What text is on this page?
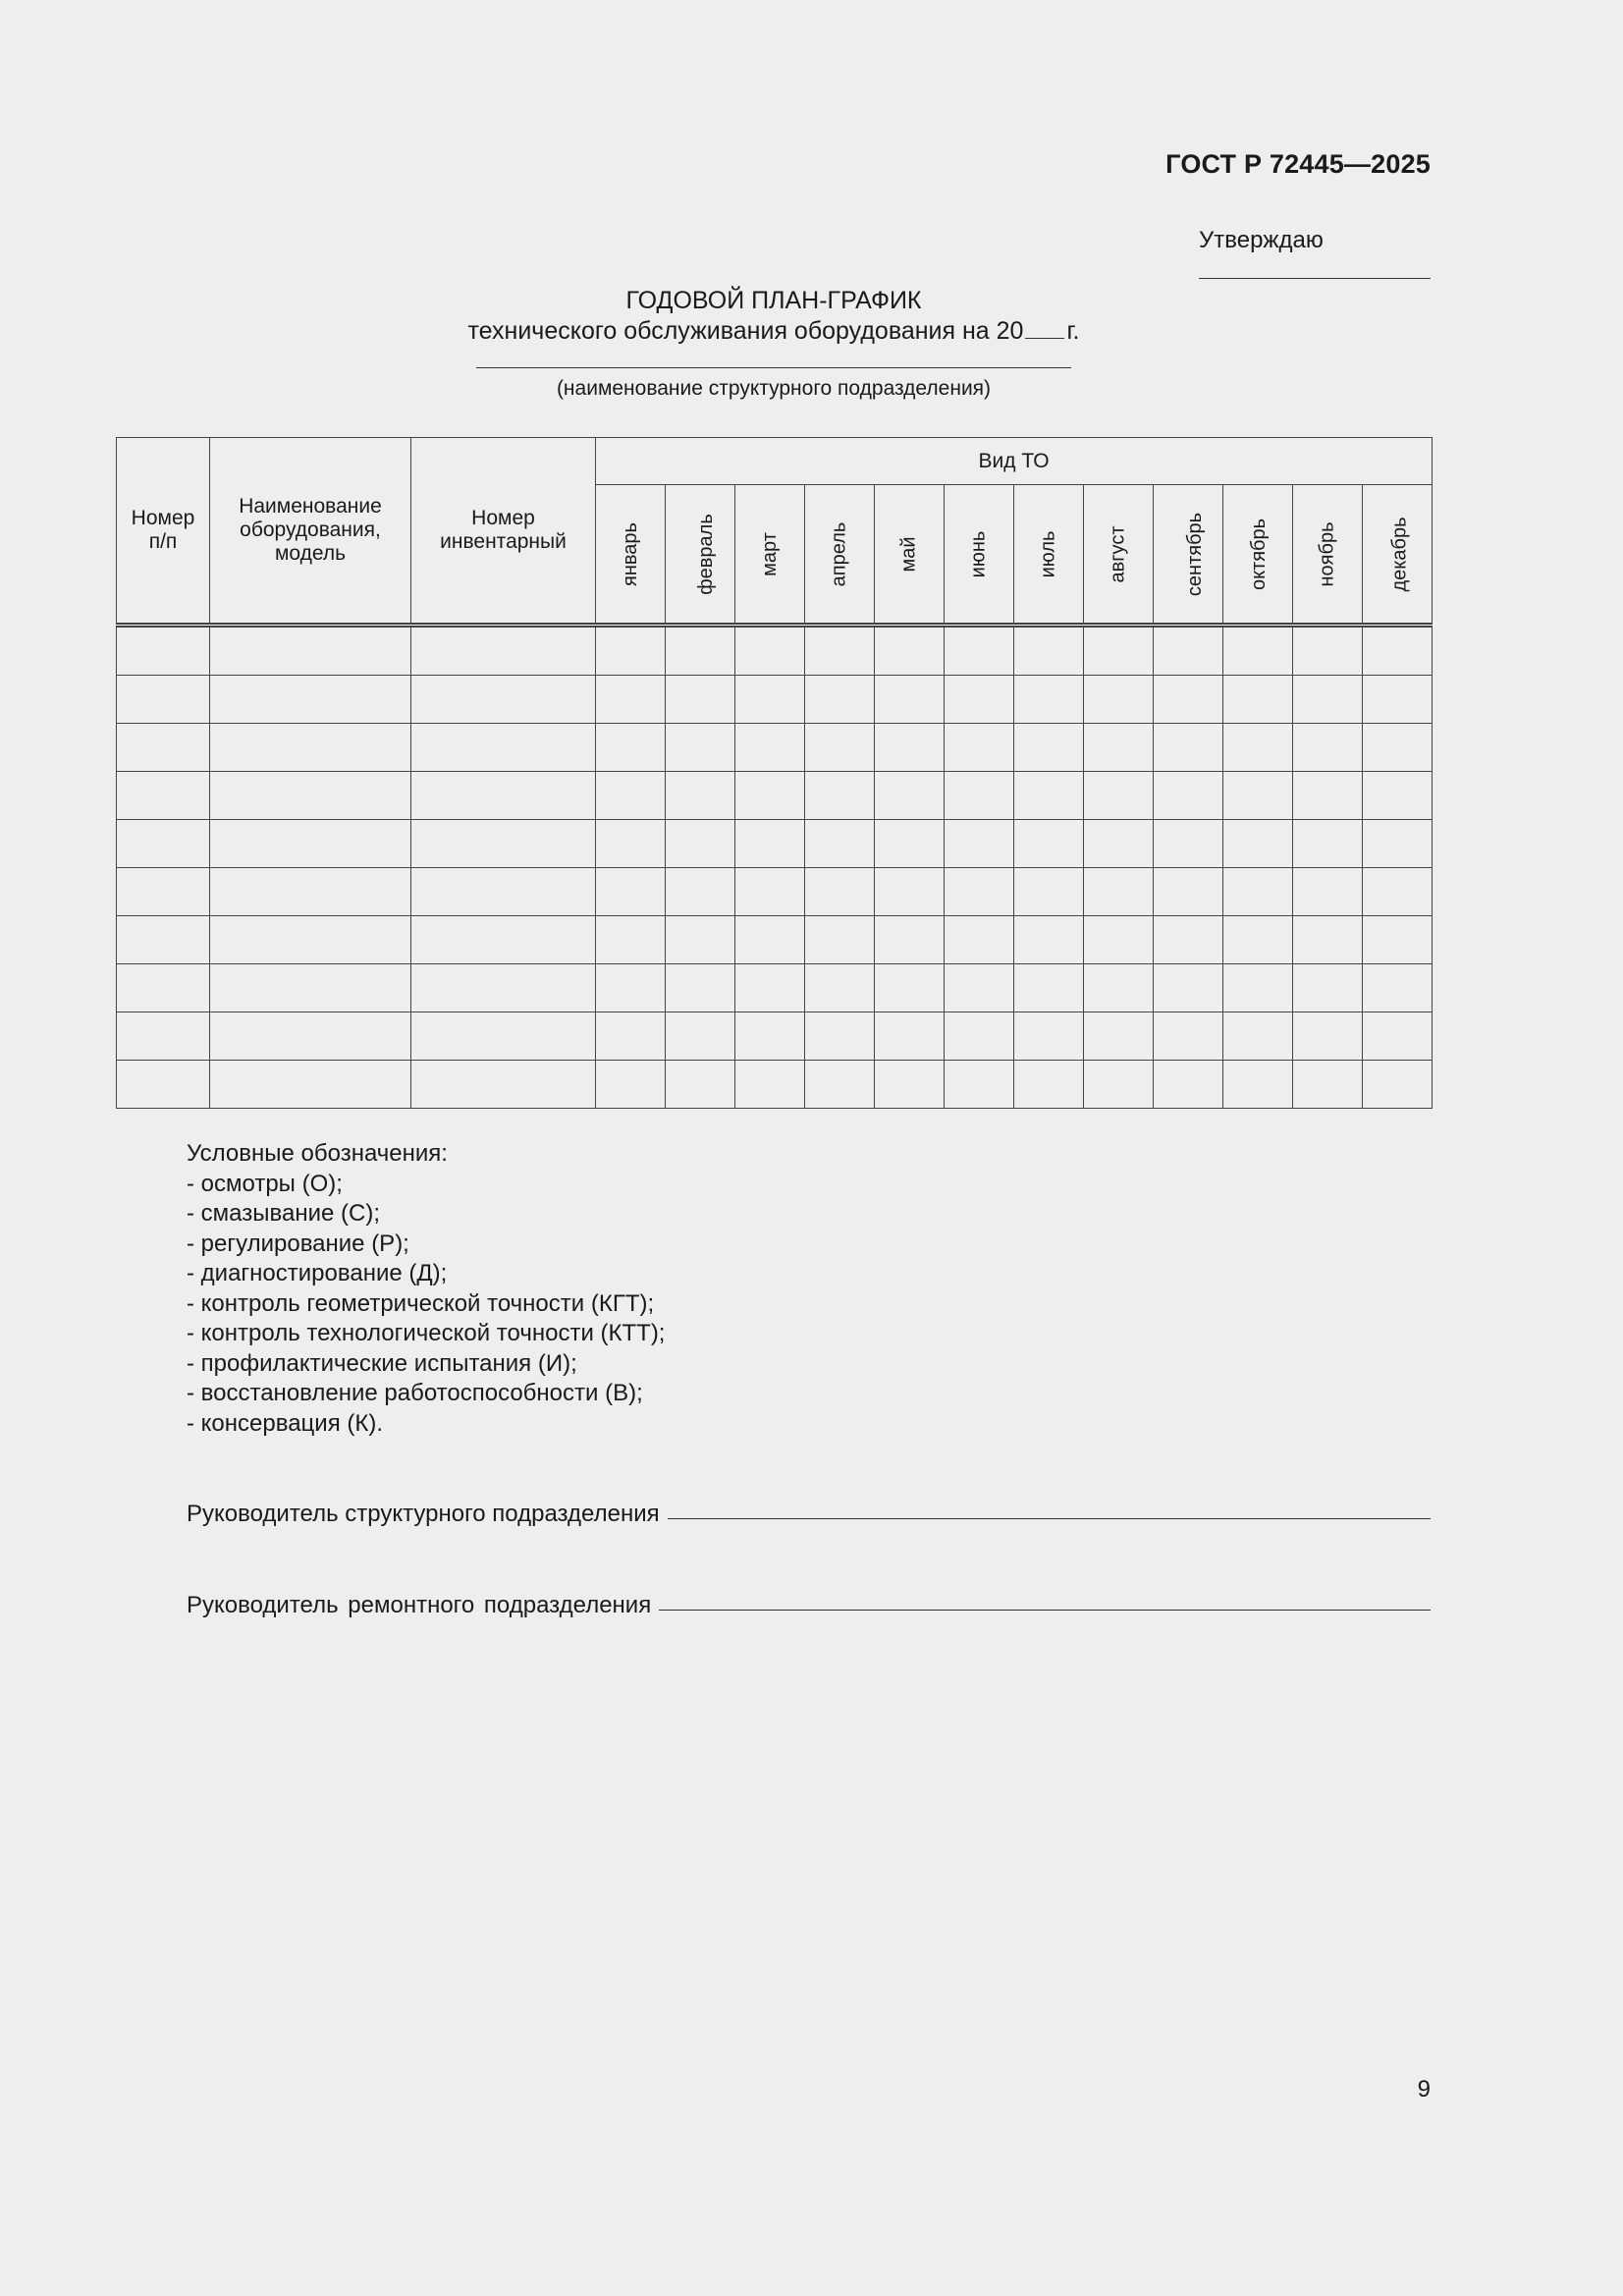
ГОСТ Р 72445—2025
Утверждаю
ГОДОВОЙ ПЛАН-ГРАФИК
технического обслуживания оборудования на 20 г.
(наименование структурного подразделения)
Номер п/п	Наименование оборудования, модель	Номер инвентарный	Вид ТО											
			январь	февраль	март	апрель	май	июнь	июль	август	сентябрь	октябрь	ноябрь	декабрь

Условные обозначения:
- осмотры (О);
- смазывание (С);
- регулирование (Р);
- диагностирование (Д);
- контроль геометрической точности (КГТ);
- контроль технологической точности (КТТ);
- профилактические испытания (И);
- восстановление работоспособности (В);
- консервация (К).
Руководитель структурного подразделения
Руководитель ремонтного подразделения
9
